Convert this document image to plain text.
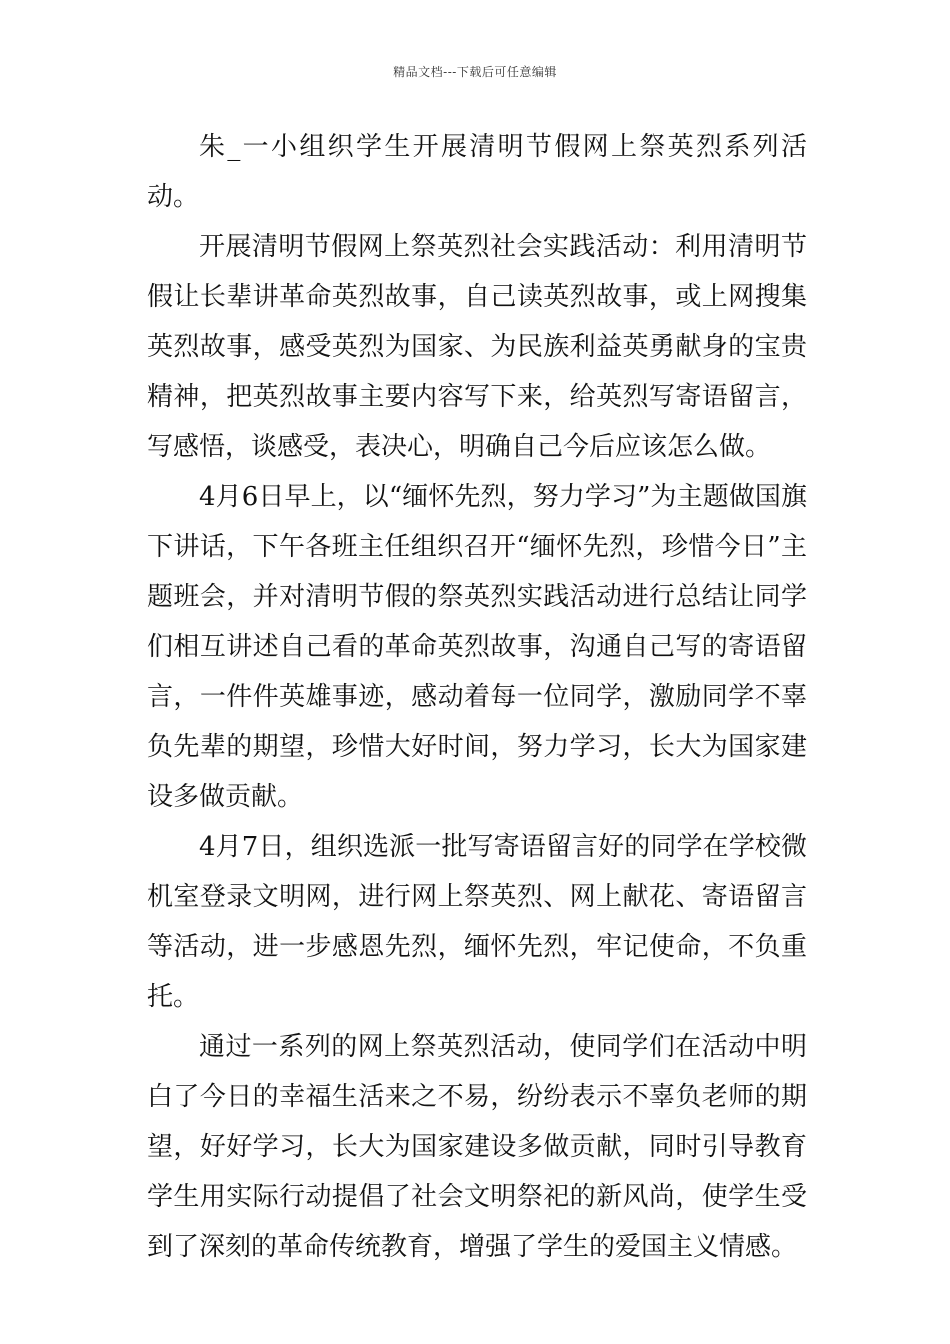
精品文档---下载后可任意编辑

朱_一小组织学生开展清明节假网上祭英烈系列活动。

开展清明节假网上祭英烈社会实践活动：利用清明节假让长辈讲革命英烈故事，自己读英烈故事，或上网搜集英烈故事，感受英烈为国家、为民族利益英勇献身的宝贵精神，把英烈故事主要内容写下来，给英烈写寄语留言，写感悟，谈感受，表决心，明确自己今后应该怎么做。

4月6日早上，以“缅怀先烈，努力学习”为主题做国旗下讲话，下午各班主任组织召开“缅怀先烈，珍惜今日”主题班会，并对清明节假的祭英烈实践活动进行总结让同学们相互讲述自己看的革命英烈故事，沟通自己写的寄语留言，一件件英雄事迹，感动着每一位同学，激励同学不辜负先辈的期望，珍惜大好时间，努力学习，长大为国家建设多做贡献。

4月7日，组织选派一批写寄语留言好的同学在学校微机室登录文明网，进行网上祭英烈、网上献花、寄语留言等活动，进一步感恩先烈，缅怀先烈，牢记使命，不负重托。

通过一系列的网上祭英烈活动，使同学们在活动中明白了今日的幸福生活来之不易，纷纷表示不辜负老师的期望，好好学习，长大为国家建设多做贡献，同时引导教育学生用实际行动提倡了社会文明祭祀的新风尚，使学生受到了深刻的革命传统教育，增强了学生的爱国主义情感。
